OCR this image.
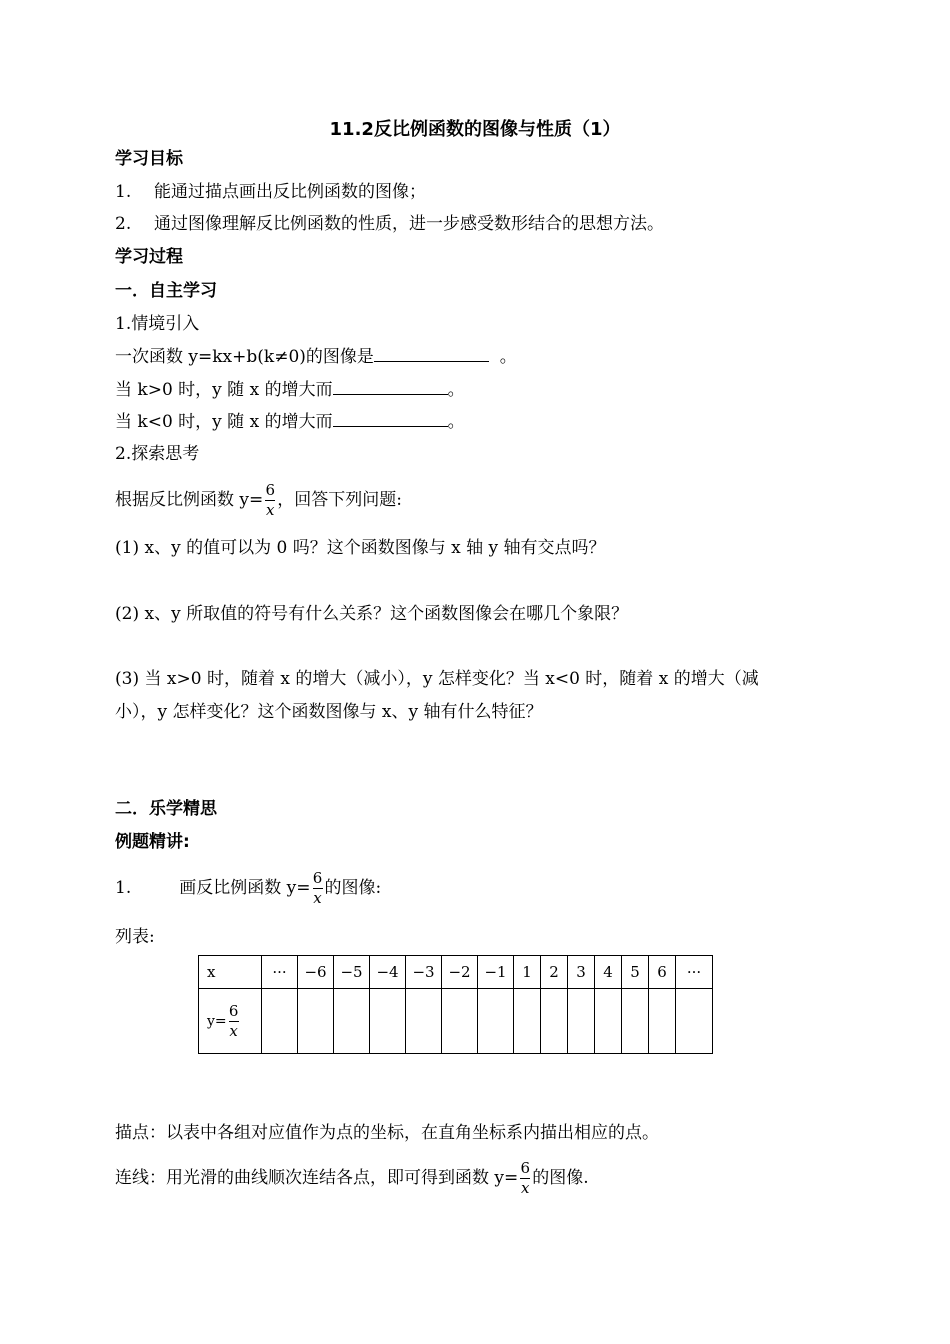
11.2反比例函数的图像与性质（1）
学习目标
1. 能通过描点画出反比例函数的图像；
2. 通过图像理解反比例函数的性质，进一步感受数形结合的思想方法。
学习过程
一．自主学习
1.情境引入
一次函数 y=kx+b(k≠0)的图像是	。
当 k>0 时，y 随 x 的增大而	。
当 k<0 时，y 随 x 的增大而	。
2.探索思考
根据反比例函数 $y= \frac{6}{x}$ ，回答下列问题:
(1) x、y 的值可以为 0 吗？这个函数图像与 x 轴 y 轴有交点吗？
(2) x、y 所取值的符号有什么关系？这个函数图像会在哪几个象限？
(3) 当 x>0 时，随着 x 的增大（减小），y 怎样变化？当 x<0 时，随着 x 的增大（减
小），y 怎样变化？这个函数图像与 x、y 轴有什么特征？
二．乐学精思
例题精讲:
1.	画反比例函数 $y= \frac{6}{x}$ 的图像:
列表:
x	···	−6	−5	−4	−3	−2	−1	1	2	3	4	5	6	···
$y= \frac{6}{x}$

描点：以表中各组对应值作为点的坐标，在直角坐标系内描出相应的点。
连线：用光滑的曲线顺次连结各点，即可得到函数 $y= \frac{6}{x}$ 的图像.
